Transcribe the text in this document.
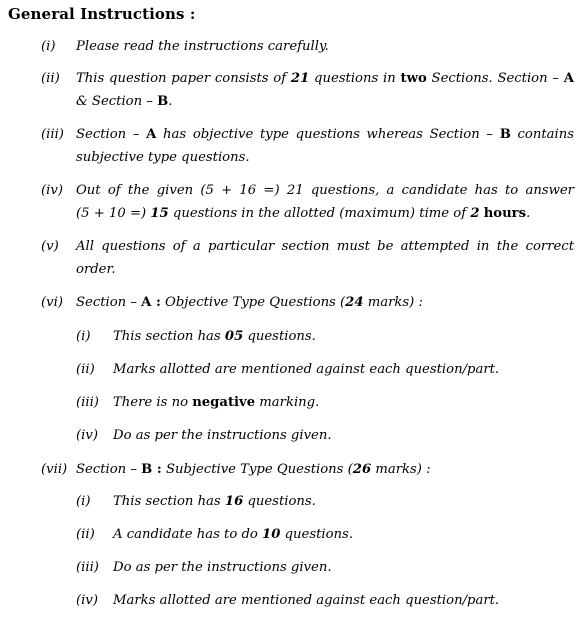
General Instructions :
(i) Please read the instructions carefully.
(ii) This question paper consists of 21 questions in two Sections. Section – A
& Section – B.
(iii) Section – A has objective type questions whereas Section – B contains
subjective type questions.
(iv) Out of the given (5 + 16 =) 21 questions, a candidate has to answer
(5 + 10 =) 15 questions in the allotted (maximum) time of 2 hours.
(v) All questions of a particular section must be attempted in the correct
order.
(vi) Section – A : Objective Type Questions (24 marks) :
(i) This section has 05 questions.
(ii) Marks allotted are mentioned against each question/part.
(iii) There is no negative marking.
(iv) Do as per the instructions given.
(vii) Section – B : Subjective Type Questions (26 marks) :
(i) This section has 16 questions.
(ii) A candidate has to do 10 questions.
(iii) Do as per the instructions given.
(iv) Marks allotted are mentioned against each question/part.
